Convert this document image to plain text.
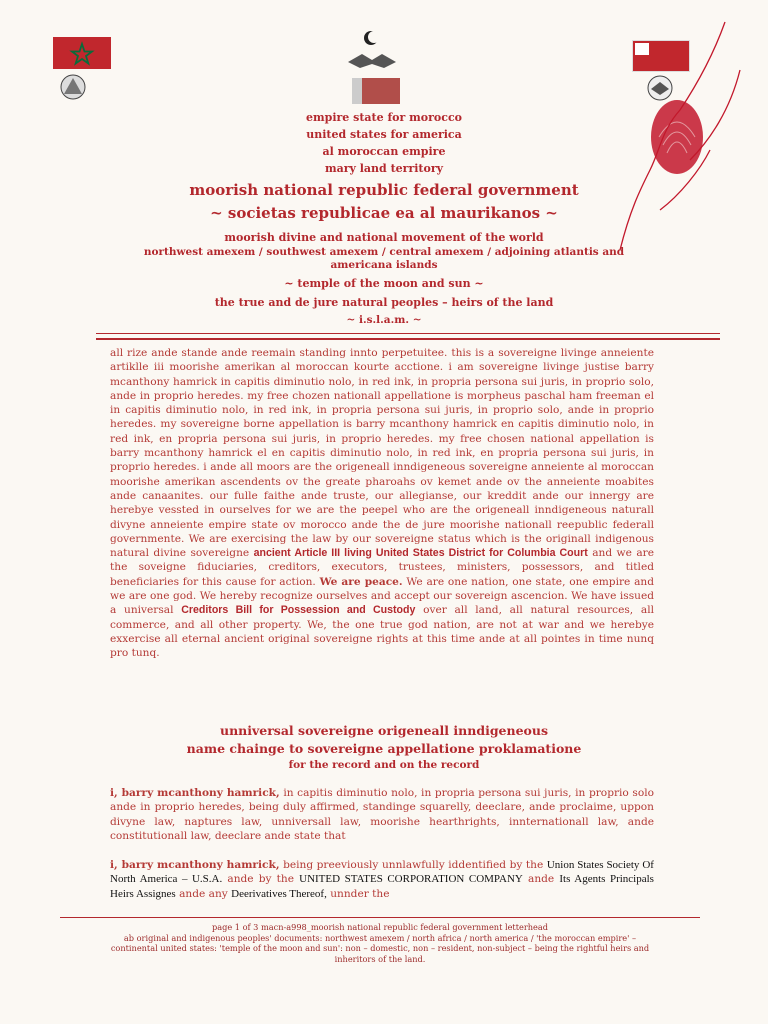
empire state for morocco
united states for america
al moroccan empire
mary land territory
moorish national republic federal government
~ societas republicae ea al maurikanos ~
moorish divine and national movement of the world
northwest amexem / southwest amexem / central amexem / adjoining atlantis and
americana islands
~ temple of the moon and sun ~
the true and de jure natural peoples – heirs of the land
~ i.s.l.a.m. ~
all rize ande stande ande reemain standing innto perpetuitee. this is a sovereigne livinge anneiente artiklle iii moorishe amerikan al moroccan kourte acctione. i am sovereigne livinge justise barry mcanthony hamrick in capitis diminutio nolo, in red ink, in propria persona sui juris, in proprio solo, ande in proprio heredes. my free chozen nationall appellatione is morpheus paschal ham freeman el in capitis diminutio nolo, in red ink, in propria persona sui juris, in proprio solo, ande in proprio heredes. my sovereigne borne appellation is barry mcanthony hamrick en capitis diminutio nolo, in red ink, en propria persona sui juris, in proprio heredes. my free chosen national appellation is barry mcanthony hamrick el en capitis diminutio nolo, in red ink, en propria persona sui juris, in proprio heredes. i ande all moors are the origeneall inndigeneous sovereigne anneiente al moroccan moorishe amerikan ascendents ov the greate pharoahs ov kemet ande ov the anneiente moabites ande canaanites. our fulle faithe ande truste, our allegianse, our kreddit ande our innergy are herebye vessted in ourselves for we are the peepel who are the origeneall inndigeneous naturall divyne anneiente empire state ov morocco ande the de jure moorishe nationall reepublic federall governmente. We are exercising the law by our sovereigne status which is the originall indigenous natural divine sovereigne ancient Article III living United States District for Columbia Court and we are the soveigne fiduciaries, creditors, executors, trustees, ministers, possessors, and titled beneficiaries for this cause for action. We are peace. We are one nation, one state, one empire and we are one god. We hereby recognize ourselves and accept our sovereign ascencion. We have issued a universal Creditors Bill for Possession and Custody over all land, all natural resources, all commerce, and all other property. We, the one true god nation, are not at war and we herebye exxercise all eternal ancient original sovereigne rights at this time ande at all pointes in time nunq pro tunq.
unniversal sovereigne origeneall inndigeneous
name chainge to sovereigne appellatione proklamatione
for the record and on the record
i, barry mcanthony hamrick, in capitis diminutio nolo, in propria persona sui juris, in proprio solo ande in proprio heredes, being duly affirmed, standinge squarelly, deeclare, ande proclaime, uppon divyne law, naptures law, unniversall law, moorishe hearthrights, innternationall law, ande constitutionall law, deeclare ande state that
i, barry mcanthony hamrick, being preeviously unnlawfully iddentified by the Union States Society Of North America – U.S.A. ande by the UNITED STATES CORPORATION COMPANY ande Its Agents Principals Heirs Assignes ande any Deerivatives Thereof, unnder the
page 1 of 3 macn-a998_moorish national republic federal government letterhead
ab original and indigenous peoples' documents: northwest amexem / north africa / north america / 'the moroccan empire' –
continental united states: 'temple of the moon and sun': non – domestic, non – resident, non-subject – being the rightful heirs and
inheritors of the land.
